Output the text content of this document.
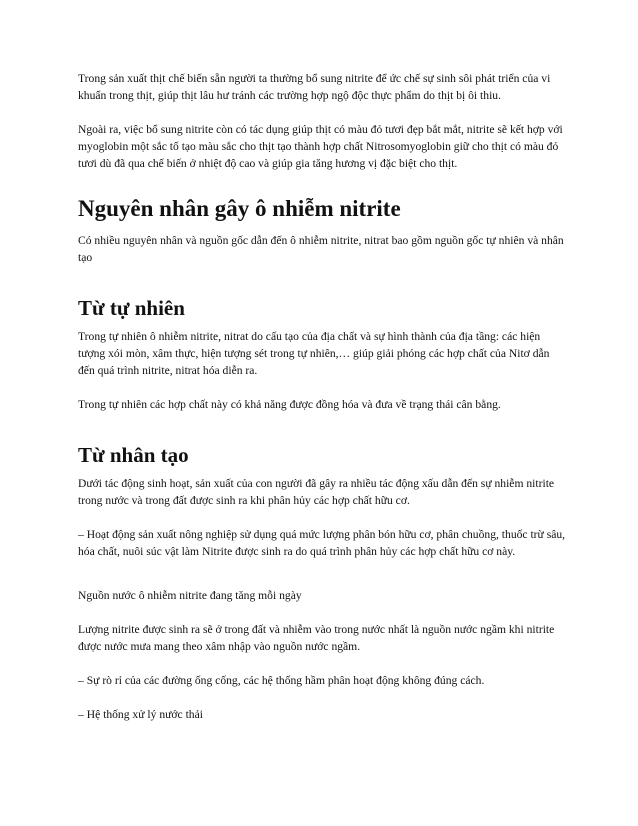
Trong sản xuất thịt chế biến sẵn người ta thường bổ sung nitrite để ức chế sự sinh sôi phát triển của vi khuẩn trong thịt, giúp thịt lâu hư tránh các trường hợp ngộ độc thực phẩm do thịt bị ôi thiu.

Ngoài ra, việc bổ sung nitrite còn có tác dụng giúp thịt có màu đỏ tươi đẹp bắt mắt, nitrite sẽ kết hợp với myoglobin một sắc tố tạo màu sắc cho thịt tạo thành hợp chất Nitrosomyoglobin giữ cho thịt có màu đỏ tươi dù đã qua chế biến ở nhiệt độ cao và giúp gia tăng hương vị đặc biệt cho thịt.

Nguyên nhân gây ô nhiễm nitrite

Có nhiều nguyên nhân và nguồn gốc dẫn đến ô nhiễm nitrite, nitrat bao gồm nguồn gốc tự nhiên và nhân tạo

Từ tự nhiên

Trong tự nhiên ô nhiễm nitrite, nitrat do cấu tạo của địa chất và sự hình thành của địa tầng: các hiện tượng xói mòn, xâm thực, hiện tượng sét trong tự nhiên,… giúp giải phóng các hợp chất của Nitơ dẫn đến quá trình nitrite, nitrat hóa diễn ra.

Trong tự nhiên các hợp chất này có khả năng được đồng hóa và đưa về trạng thái cân bằng.

Từ nhân tạo

Dưới tác động sinh hoạt, sản xuất của con người đã gây ra nhiều tác động xấu dẫn đến sự nhiễm nitrite trong nước và trong đất được sinh ra khi phân hủy các hợp chất hữu cơ.

– Hoạt động sản xuất nông nghiệp sử dụng quá mức lượng phân bón hữu cơ, phân chuồng, thuốc trừ sâu, hóa chất, nuôi súc vật làm Nitrite được sinh ra do quá trình phân hủy các hợp chất hữu cơ này.

Nguồn nước ô nhiễm nitrite đang tăng mỗi ngày

Lượng nitrite được sinh ra sẽ ở trong đất và nhiễm vào trong nước nhất là nguồn nước ngầm khi nitrite được nước mưa mang theo xâm nhập vào nguồn nước ngầm.

– Sự rò rỉ của các đường ống cống, các hệ thống hầm phân hoạt động không đúng cách.

– Hệ thống xử lý nước thải
